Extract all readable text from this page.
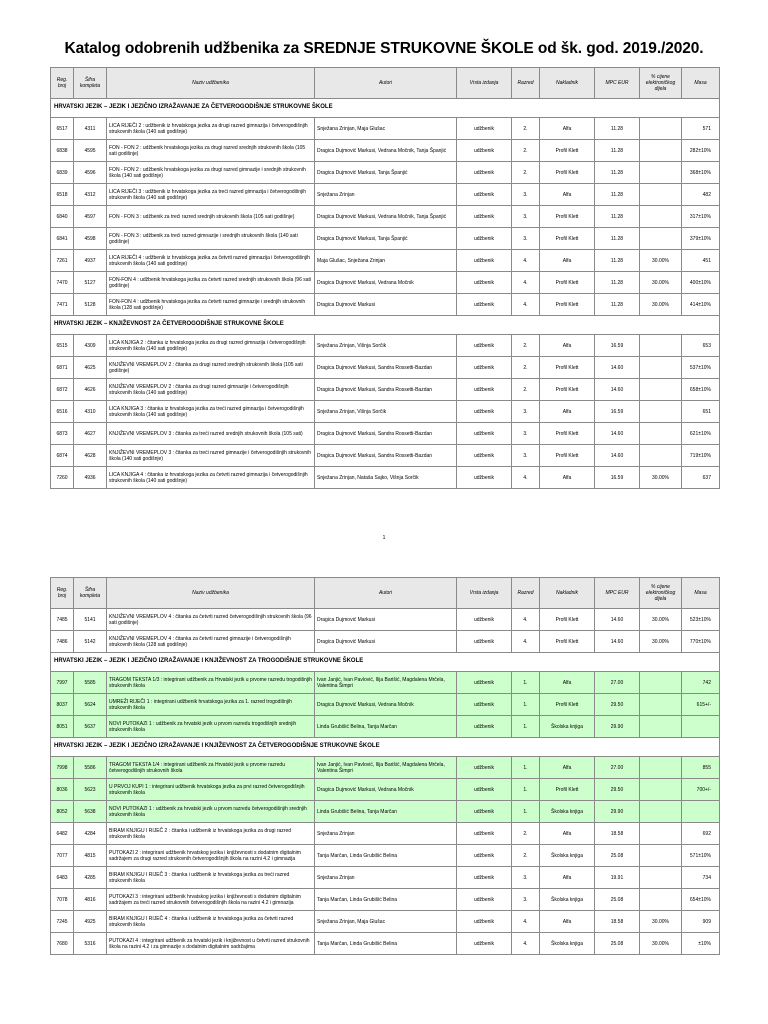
Katalog odobrenih udžbenika za SREDNJE STRUKOVNE ŠKOLE od šk. god. 2019./2020.
Reg. broj	Šifra kompleta	Naziv udžbenika	Autori	Vrsta izdanja	Razred	Nakladnik	MPC EUR	% cijene elektroničkog dijela	Masa
HRVATSKI JEZIK – JEZIK I JEZIČNO IZRAŽAVANJE ZA ČETVEROGODIŠNJE STRUKOVNE ŠKOLE									
6517	4311	LICA RIJEČI 2 : udžbenik iz hrvatskoga jezika za drugi razred gimnazija i četverogodišnjih strukovnih škola (140 sati godišnje)	Snježana Zrinjan, Maja Glušac	udžbenik	2.	Alfa	11.28		571
6838	4595	FON - FON 2 : udžbenik hrvatskoga jezika za drugi razred srednjih strukovnih škola (105 sati godišnje)	Dragica Dujmović Markusi, Vedrana Močnik, Tanja Španjić	udžbenik	2.	Profil Klett	11.28		282±10%
6839	4596	FON - FON 2 : udžbenik hrvatskoga jezika za drugi razred gimnazije i srednjih strukovnih škola (140 sati godišnje)	Dragica Dujmović Markusi, Tanja Španjić	udžbenik	2.	Profil Klett	11.28		368±10%
6518	4312	LICA RIJEČI 3 : udžbenik iz hrvatskoga jezika za treći razred gimnazija i četverogodišnjih strukovnih škola (140 sati godišnje)	Snježana Zrinjan	udžbenik	3.	Alfa	11.28		482
6840	4597	FON - FON 3 : udžbenik za treći razred srednjih strukovnih škola (105 sati godišnje)	Dragica Dujmović Markusi, Vedrana Močnik, Tanja Španjić	udžbenik	3.	Profil Klett	11.28		317±10%
6841	4598	FON - FON 3 : udžbenik za treći razred gimnazije i srednjih strukovnih škola (140 sati godišnje)	Dragica Dujmović Markusi, Tanja Španjić	udžbenik	3.	Profil Klett	11.28		379±10%
7261	4937	LICA RIJEČI 4 : udžbenik iz hrvatskoga jezika za četvrti razred gimnazija i četverogodišnjih strukovnih škola (140 sati godišnje)	Maja Glušac, Snježana Zrinjan	udžbenik	4.	Alfa	11.28	30.00%	451
7470	5127	FON-FON 4 : udžbenik hrvatskoga jezika za četvrti razred srednjih strukovnih škola (96 sati godišnje)	Dragica Dujmović Markusi, Vedrana Močnik	udžbenik	4.	Profil Klett	11.28	30.00%	400±10%
7471	5128	FON-FON 4 : udžbenik hrvatskoga jezika za četvrti razred gimnazije i srednjih strukovnih škola (128 sati godišnje)	Dragica Dujmović Markusi	udžbenik	4.	Profil Klett	11.28	30.00%	414±10%
HRVATSKI JEZIK – KNJIŽEVNOST ZA ČETVEROGODIŠNJE STRUKOVNE ŠKOLE									
6515	4309	LICA KNJIGA 2 : čitanka iz hrvatskoga jezika za drugi razred gimnazija i četverogodišnjih strukovnih škola (140 sati godišnje)	Snježana Zrinjan, Višnja Sorčik	udžbenik	2.	Alfa	16.59		653
6871	4625	KNJIŽEVNI VREMEPLOV 2 : čitanka za drugi razred srednjih strukovnih škola (105 sati godišnje)	Dragica Dujmović Markusi, Sandra Rossetti-Bazdan	udžbenik	2.	Profil Klett	14.60		537±10%
6872	4626	KNJIŽEVNI VREMEPLOV 2 : čitanka za drugi razred gimnazije i četverogodišnjih strukovnih škola (140 sati godišnje)	Dragica Dujmović Markusi, Sandra Rossetti-Bazdan	udžbenik	2.	Profil Klett	14.60		658±10%
6516	4310	LICA KNJIGA 3 : čitanka iz hrvatskoga jezika za treći razred gimnazija i četverogodišnjih strukovnih škola (140 sati godišnje)	Snježana Zrinjan, Višnja Sorčik	udžbenik	3.	Alfa	16.59		651
6873	4627	KNJIŽEVNI VREMEPLOV 3 : čitanka za treći razred srednjih strukovnih škola (105 sati)	Dragica Dujmović Markusi, Sandra Rossetti-Bazdan	udžbenik	3.	Profil Klett	14.60		621±10%
6874	4628	KNJIŽEVNI VREMEPLOV 3 : čitanka za treći razred gimnazije i četverogodišnjih strukovnih škola (140 sati godišnje)	Dragica Dujmović Markusi, Sandra Rossetti-Bazdan	udžbenik	3.	Profil Klett	14.60		719±10%
7260	4936	LICA KNJIGA 4 : čitanka iz hrvatskoga jezika za četvrti razred gimnazija i četverogodišnjih strukovnih škola (140 sati godišnje)	Snježana Zrinjan, Nataša Sajko, Višnja Sorčik	udžbenik	4.	Alfa	16.59	30.00%	637
1
Reg. broj	Šifra kompleta	Naziv udžbenika	Autori	Vrsta izdanja	Razred	Nakladnik	MPC EUR	% cijene elektroničkog dijela	Masa
7485	5141	KNJIŽEVNI VREMEPLOV 4 : čitanka za četvrti razred četverogodišnjih strukovnih škola (96 sati godišnje)	Dragica Dujmović Markusi	udžbenik	4.	Profil Klett	14.60	30.00%	523±10%
7486	5142	KNJIŽEVNI VREMEPLOV 4 : čitanka za četvrti razred gimnazije i četverogodišnjih strukovnih škola (128 sati godišnje)	Dragica Dujmović Markusi	udžbenik	4.	Profil Klett	14.60	30.00%	770±10%
HRVATSKI JEZIK – JEZIK I JEZIČNO IZRAŽAVANJE I KNJIŽEVNOST ZA TROGODIŠNJE STRUKOVNE ŠKOLE									
7997	5585	TRAGOM TEKSTA 1/3 : integrirani udžbenik za Hrvatski jezik u prvome razredu trogodišnjih strukovnih škola	Ivan Janjić, Ivan Pavlović, Ilija Barišić, Magdalena Mrčela, Valentina Šimpri	udžbenik	1.	Alfa	27.00		742
8037	5624	UMREŽI RIJEČI 1 : integrirani udžbenik hrvatskoga jezika za 1. razred trogodišnjih strukovnih škola	Dragica Dujmović Markusi, Vedrana Močnik	udžbenik	1.	Profil Klett	29.50		615+/-
8051	5637	NOVI PUTOKAZI 1 : udžbenik za hrvatski jezik u prvom razredu trogodišnjih srednjih strukovnih škola	Linda Grubišić Belina, Tanja Marčan	udžbenik	1.	Školska knjiga	29.90		
HRVATSKI JEZIK – JEZIK I JEZIČNO IZRAŽAVANJE I KNJIŽEVNOST ZA ČETVEROGODIŠNJE STRUKOVNE ŠKOLE									
7998	5586	TRAGOM TEKSTA 1/4 : integrirani udžbenik za Hrvatski jezik u prvome razredu četverogodišnjih strukovnih škola	Ivan Janjić, Ivan Pavlović, Ilija Barišić, Magdalena Mrčela, Valentina Šimpri	udžbenik	1.	Alfa	27.00		855
8036	5623	U PRVOJ KUPI 1 : integrirani udžbenik hrvatskoga jezika za prvi razred četverogodišnjih strukovnih škola	Dragica Dujmović Markusi, Vedrana Močnik	udžbenik	1.	Profil Klett	29.50		700+/-
8052	5638	NOVI PUTOKAZI 1 : udžbenik za hrvatski jezik u prvom razredu četverogodišnjih srednjih strukovnih škola	Linda Grubišić Belina, Tanja Marčan	udžbenik	1.	Školska knjiga	29.90		
6482	4284	BIRAM KNJIGU I RIJEČ 2 : čitanka i udžbenik iz hrvatskoga jezika za drugi razred strukovnih škola	Snježana Zrinjan	udžbenik	2.	Alfa	18.58		692
7077	4815	PUTOKAZI 2 : integrirani udžbenik hrvatskog jezika i književnosti s dodatnim digitalnim sadržajem za drugi razred strukovnih četverogodišnjih škola na razini 4.2 i gimnazija	Tanja Marčan, Linda Grubišić Belina	udžbenik	2.	Školska knjiga	25.08		571±10%
6483	4285	BIRAM KNJIGU I RIJEČ 3 : čitanka i udžbenik iz hrvatskoga jezika za treći razred strukovnih škola	Snježana Zrinjan	udžbenik	3.	Alfa	19.91		734
7078	4816	PUTOKAZI 3 : integrirani udžbenik hrvatskog jezika i književnosti s dodatnim digitalnim sadržajem za treći razred strukovnih četverogodišnjih škola na razini 4.2 i gimnazija	Tanja Marčan, Linda Grubišić Belina	udžbenik	3.	Školska knjiga	25.08		654±10%
7245	4925	BIRAM KNJIGU I RIJEČ 4 : čitanka i udžbenik iz hrvatskoga jezika za četvrti razred strukovnih škola	Snježana Zrinjan, Maja Glušac	udžbenik	4.	Alfa	18.58	30.00%	909
7680	5316	PUTOKAZI 4 : integrirani udžbenik za hrvatski jezik i književnost u četvrti razred strukovnih škola na razini 4.2 i za gimnazije s dodatnim digitalnim sadržajima	Tanja Marčan, Linda Grubišić Belina	udžbenik	4.	Školska knjiga	25.08	30.00%	±10%
